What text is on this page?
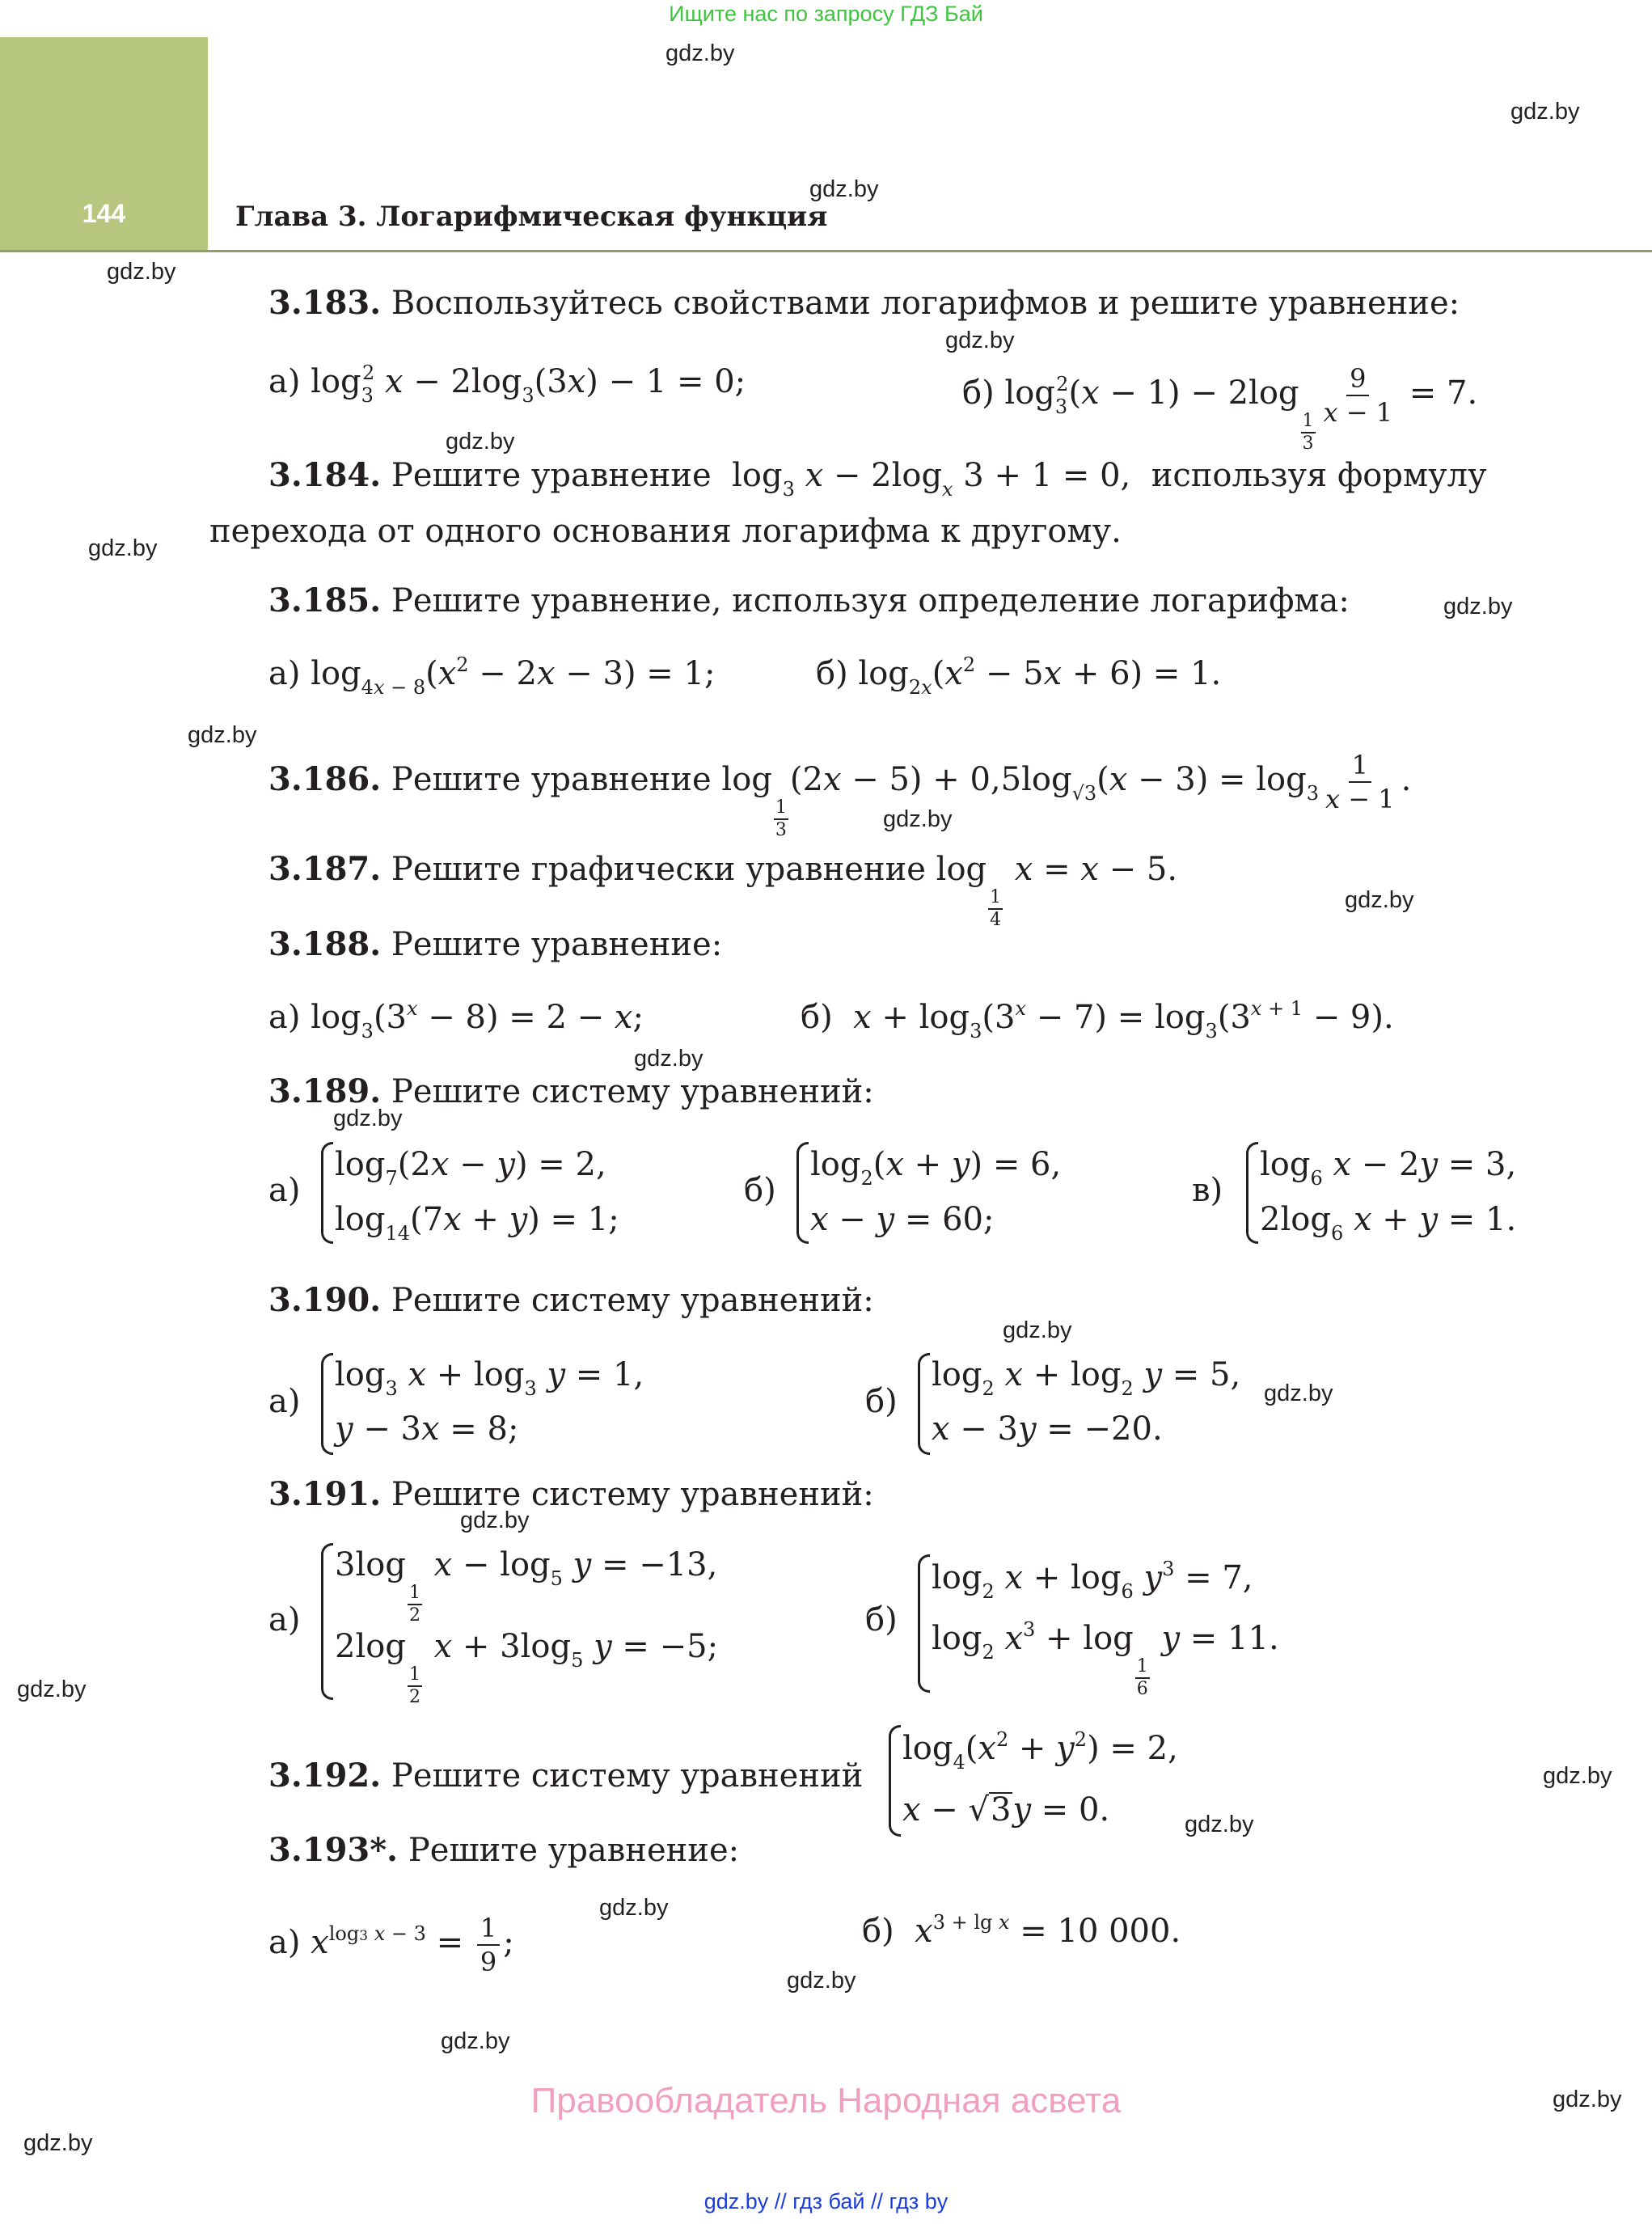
Ищите нас по запросу ГДЗ Бай
144	Глава 3. Логарифмическая функция
gdz.by
gdz.by
gdz.by
gdz.by
gdz.by
gdz.by
gdz.by
gdz.by
gdz.by
gdz.by
gdz.by
gdz.by
gdz.by
gdz.by
gdz.by
gdz.by
gdz.by
gdz.by
gdz.by
gdz.by
gdz.by
gdz.by
gdz.by
gdz.by
3.183. Воспользуйтесь свойствами логарифмов и решите уравнение:
а) $\log_3^2 x - 2\log_3(3x) - 1 = 0$;	б) $\log_3^2(x - 1) - 2\log$
$\frac{1}{3}$
$\frac{9}{x - 1} = 7$.
3.184. Решите уравнение  $\log_3 x - 2\log_x$ 3 + 1 = 0,  используя формулу
перехода от одного основания логарифма к другому.
3.185. Решите уравнение, используя определение логарифма:
а) $\log_{4x - 8}(x^2 - 2x - 3) = 1$;	б) $\log_{2x}(x^2 - 5x + 6) = 1$.
3.186. Решите уравнение log
$\frac{1}{3}$
$(2x - 5) + 0,5\log_{√3}(x - 3) = \log_3 \frac{1}{x - 1}$ .
3.187. Решите графически уравнение log
$\frac{1}{4}$
x = x − 5.
3.188. Решите уравнение:
а) $\log_3(3^x - 8) = 2 - x$;	б) $x + \log_3(3^x - 7) = \log_3(3^{x + 1} - 9)$.
3.189. Решите систему уравнений:
а)
$\log_7(2x - y) = 2$,
$\log_{14}(7x + y) = 1$;
б)
$\log_2(x + y) = 6$,
x − y = 60;
в)
$\log_6 x - 2y = 3$,
$2\log_6$ x + y = 1.
3.190. Решите систему уравнений:
а)
$\log_3 x + \log_3 y = 1$,
y − 3x = 8;
б)
$\log_2 x + \log_2 y = 5$,
x − 3y = −20.
3.191. Решите систему уравнений:
а)
3log
$\frac{1}{2}$
$x - \log_5 y = -13$,
2log
$\frac{1}{2}$
$x + 3\log_5$ y = −5;
б)
$\log_2 x + \log_6 y^3 = 7$,
$\log_2 x^3 + \log$
$\frac{1}{6}$
y = 11.
3.192. Решите систему уравнений
$\log_4(x^2 + y^2) = 2$,
x − √3y = 0.
3.193*. Решите уравнение:
а) $x^{log3 x - 3} = \frac{1}{9}$ ;	б) $x^{3 + lg x} = 10$ 000.
Правообладатель Народная асвета
gdz.by // гдз бай // гдз by
